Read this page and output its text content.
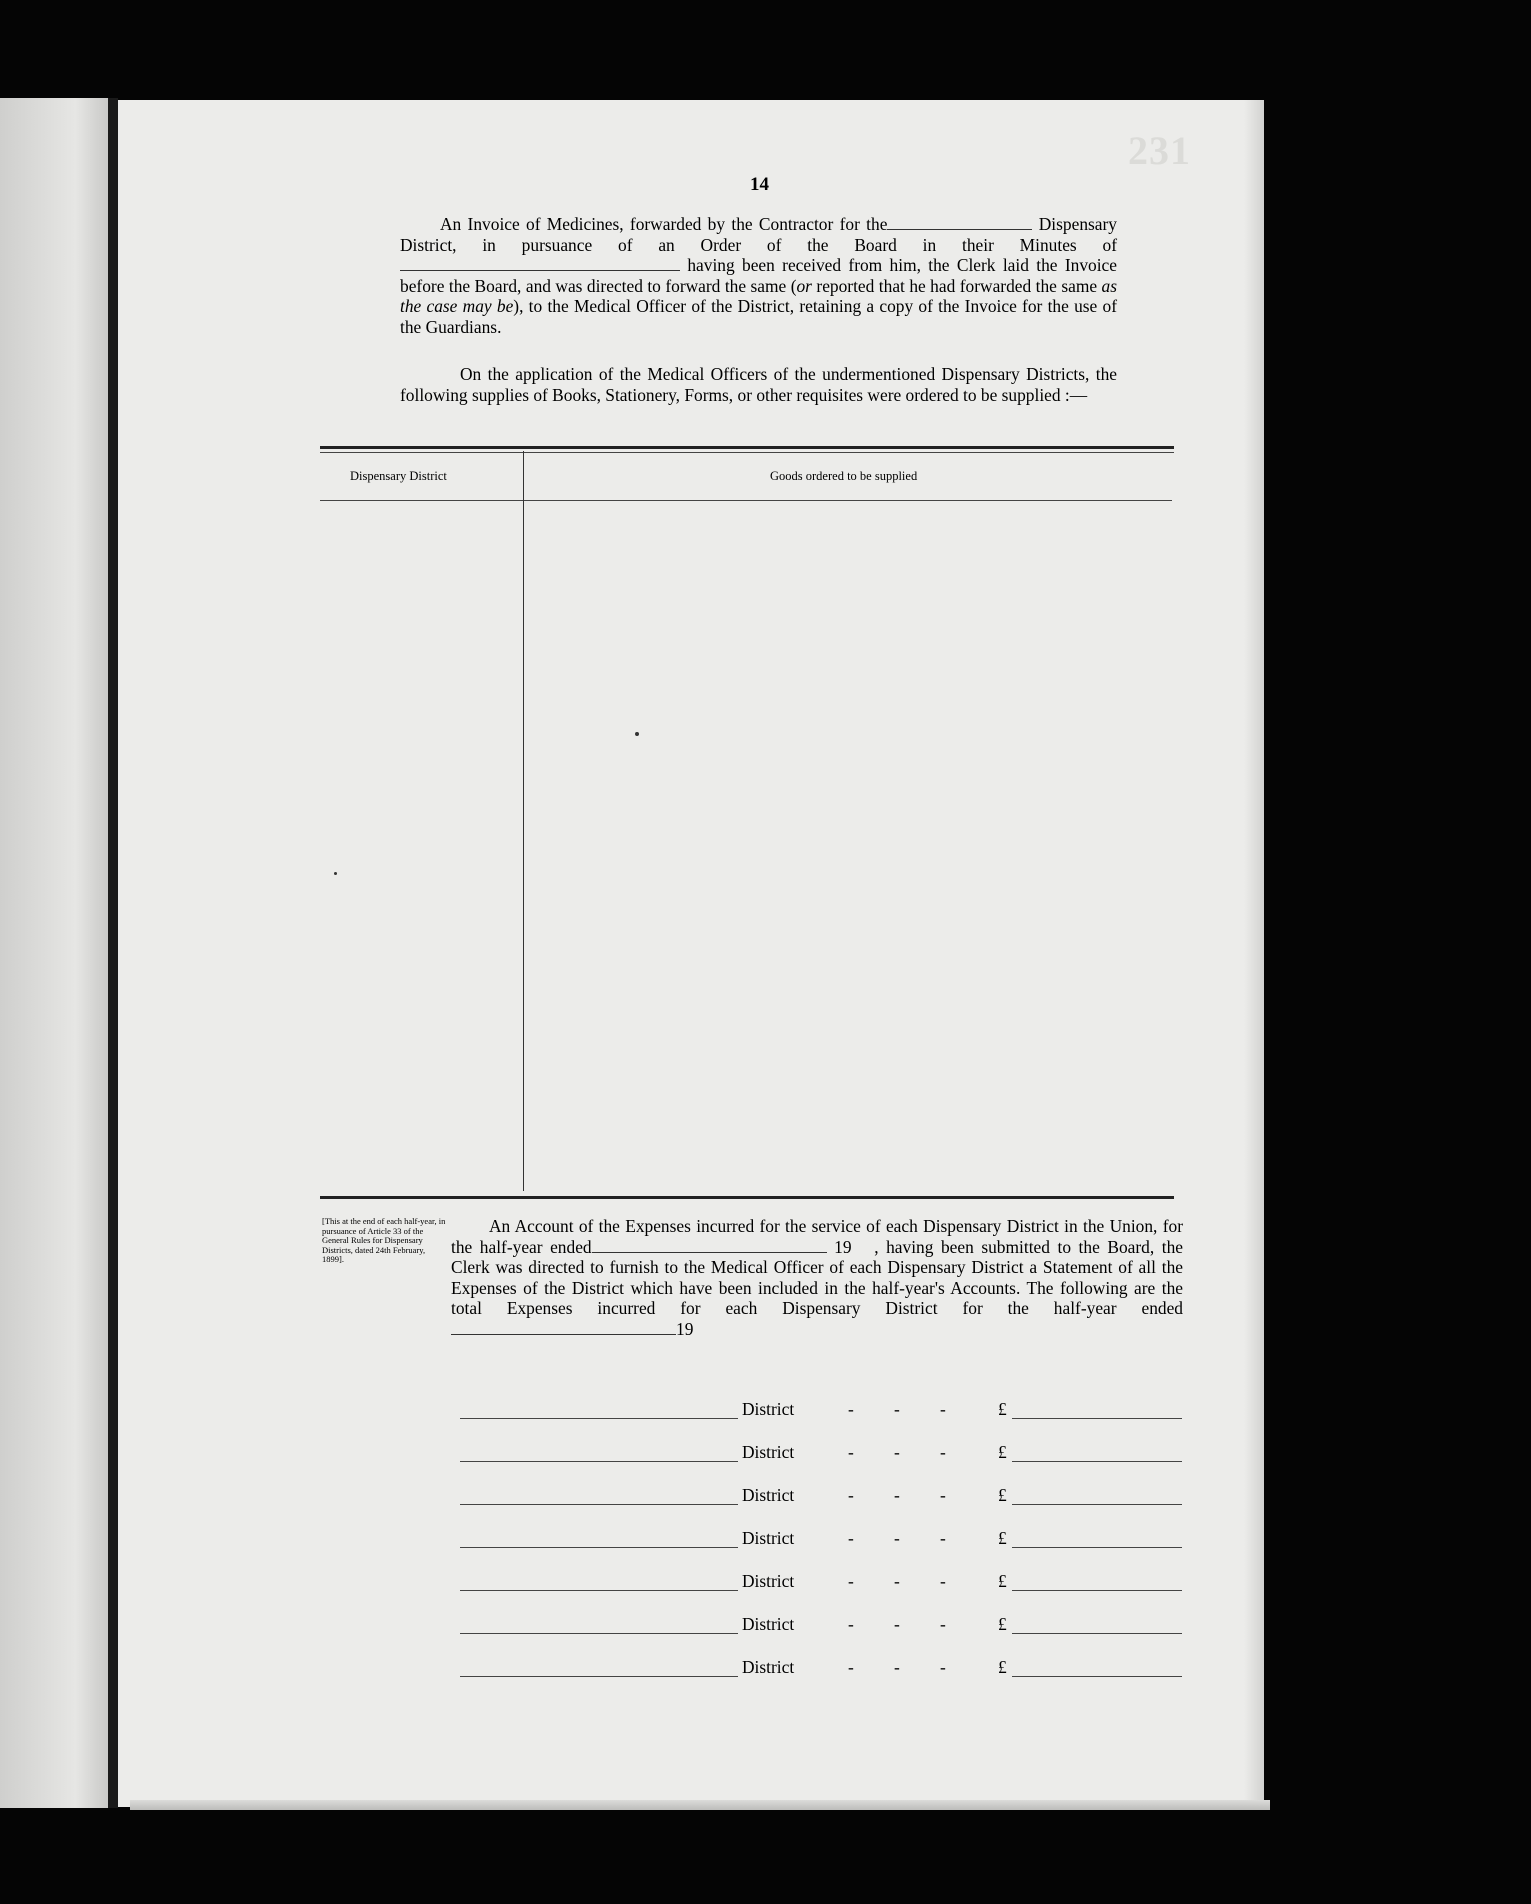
231
14

An Invoice of Medicines, forwarded by the Contractor for the	Dispensary District, in pursuance of an Order of the Board in their Minutes of  having been received from him, the Clerk laid the Invoice before the Board, and was directed to forward the same (or reported that he had forwarded the same as the case may be), to the Medical Officer of the District, retaining a copy of the Invoice for the use of the Guardians.

On the application of the Medical Officers of the undermentioned Dispensary Districts, the following supplies of Books, Stationery, Forms, or other requisites were ordered to be supplied :—

Dispensary District	Goods ordered to be supplied
[This at the end of each half-year, in pursuance of Article 33 of the General Rules for Dispensary Districts, dated 24th February, 1899].

An Account of the Expenses incurred for the service of each Dispensary District in the Union, for the half-year ended	19 , having been submitted to the Board, the Clerk was directed to furnish to the Medical Officer of each Dispensary District a Statement of all the Expenses of the District which have been included in the half-year's Accounts. The following are the total Expenses incurred for each Dispensary District for the half-year ended 19

District	- - -	£
District	- - -	£
District	- - -	£
District	- - -	£
District	- - -	£
District	- - -	£
District	- - -	£
